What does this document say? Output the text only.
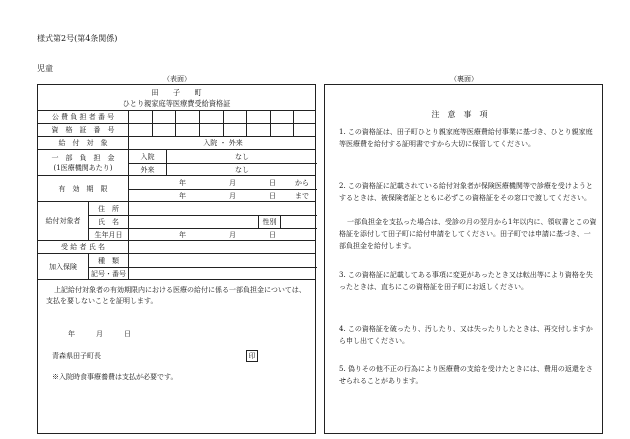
様式第2号(第4条関係)
児童
（表面）	（裏面）
田　　子　　町
ひとり親家庭等医療費受給資格証
公 費 負 担 者 番 号
資　格　証　番　号
給　付　対　象	入院 ・ 外来
一　部　負　担　金
(1医療機関あたり)
入院	なし
外来	なし
有　効　期　限
年	月	日	から
年	月	日	まで
給付対象者
住　所
氏　名	性別
生年月日	年	月	日
受 給 者 氏 名
加入保険
種　類
記号・番号
上記給付対象者の有効期限内における医療の給付に係る一部負担金については、支払を要しないことを証明します。
年　　　月　　　日
青森県田子町長	印
※入院時食事療養費は支払が必要です。
注意事項
1. この資格証は、田子町ひとり親家庭等医療費給付事業に基づき、ひとり親家庭等医療費を給付する証明書ですから大切に保管してください。
2. この資格証に記載されている給付対象者が保険医療機関等で診療を受けようとするときは、被保険者証とともに必ずこの資格証をその窓口で渡してください。
一部負担金を支払った場合は、受診の月の翌月から1年以内に、領収書とこの資格証を添付して田子町に給付申請をしてください。田子町では申請に基づき、一部負担金を給付します。
3. この資格証に記載してある事項に変更があったとき又は転出等により資格を失ったときは、直ちにこの資格証を田子町にお返しください。
4. この資格証を破ったり、汚したり、又は失ったりしたときは、再交付しますから申し出てください。
5. 偽りその他不正の行為により医療費の支給を受けたときには、費用の返還をさせられることがあります。
